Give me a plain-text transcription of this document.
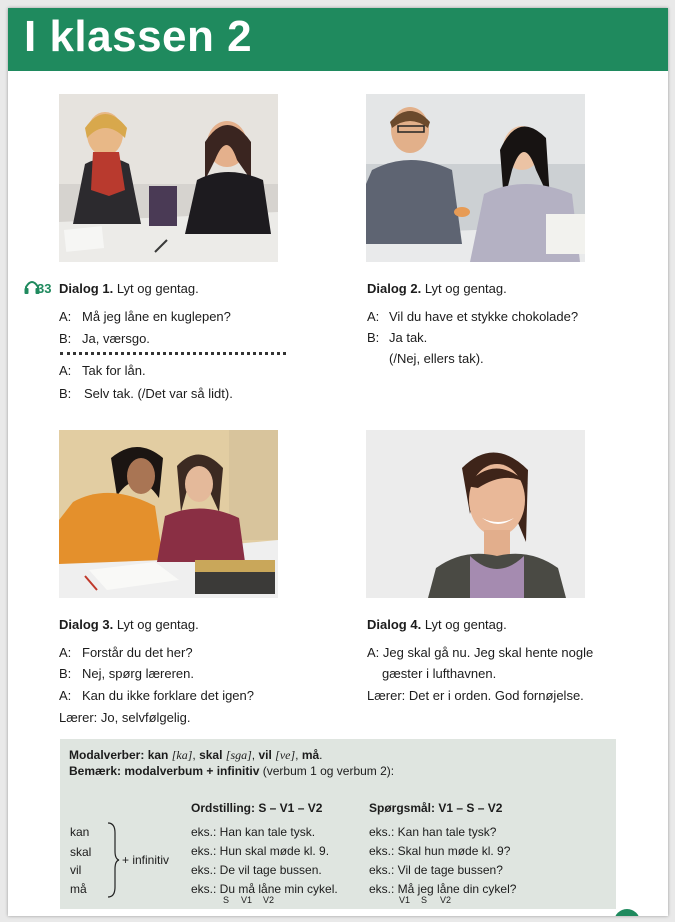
I klassen 2
33 Dialog 1. Lyt og gentag.
A: Må jeg låne en kuglepen?
B: Ja, værsgo.
A: Tak for lån.
B: Selv tak. (/Det var så lidt).
Dialog 2. Lyt og gentag.
A: Vil du have et stykke chokolade?
B: Ja tak.
(/Nej, ellers tak).
Dialog 3. Lyt og gentag.
A: Forstår du det her?
B: Nej, spørg læreren.
A: Kan du ikke forklare det igen?
Lærer: Jo, selvfølgelig.
Dialog 4. Lyt og gentag.
A: Jeg skal gå nu. Jeg skal hente nogle
gæster i lufthavnen.
Lærer: Det er i orden. God fornøjelse.
Modalverber: kan [ka], skal [sga], vil [ve], må.
Bemærk: modalverbum + infinitiv (verbum 1 og verbum 2):
Ordstilling: S – V1 – V2	Spørgsmål: V1 – S – V2
kan
skal
vil
må
+ infinitiv
eks.: Han kan tale tysk.
eks.: Hun skal møde kl. 9.
eks.: De vil tage bussen.
eks.: Du må låne min cykel.
S V1 V2
eks.: Kan han tale tysk?
eks.: Skal hun møde kl. 9?
eks.: Vil de tage bussen?
eks.: Må jeg låne din cykel?
V1 S V2
